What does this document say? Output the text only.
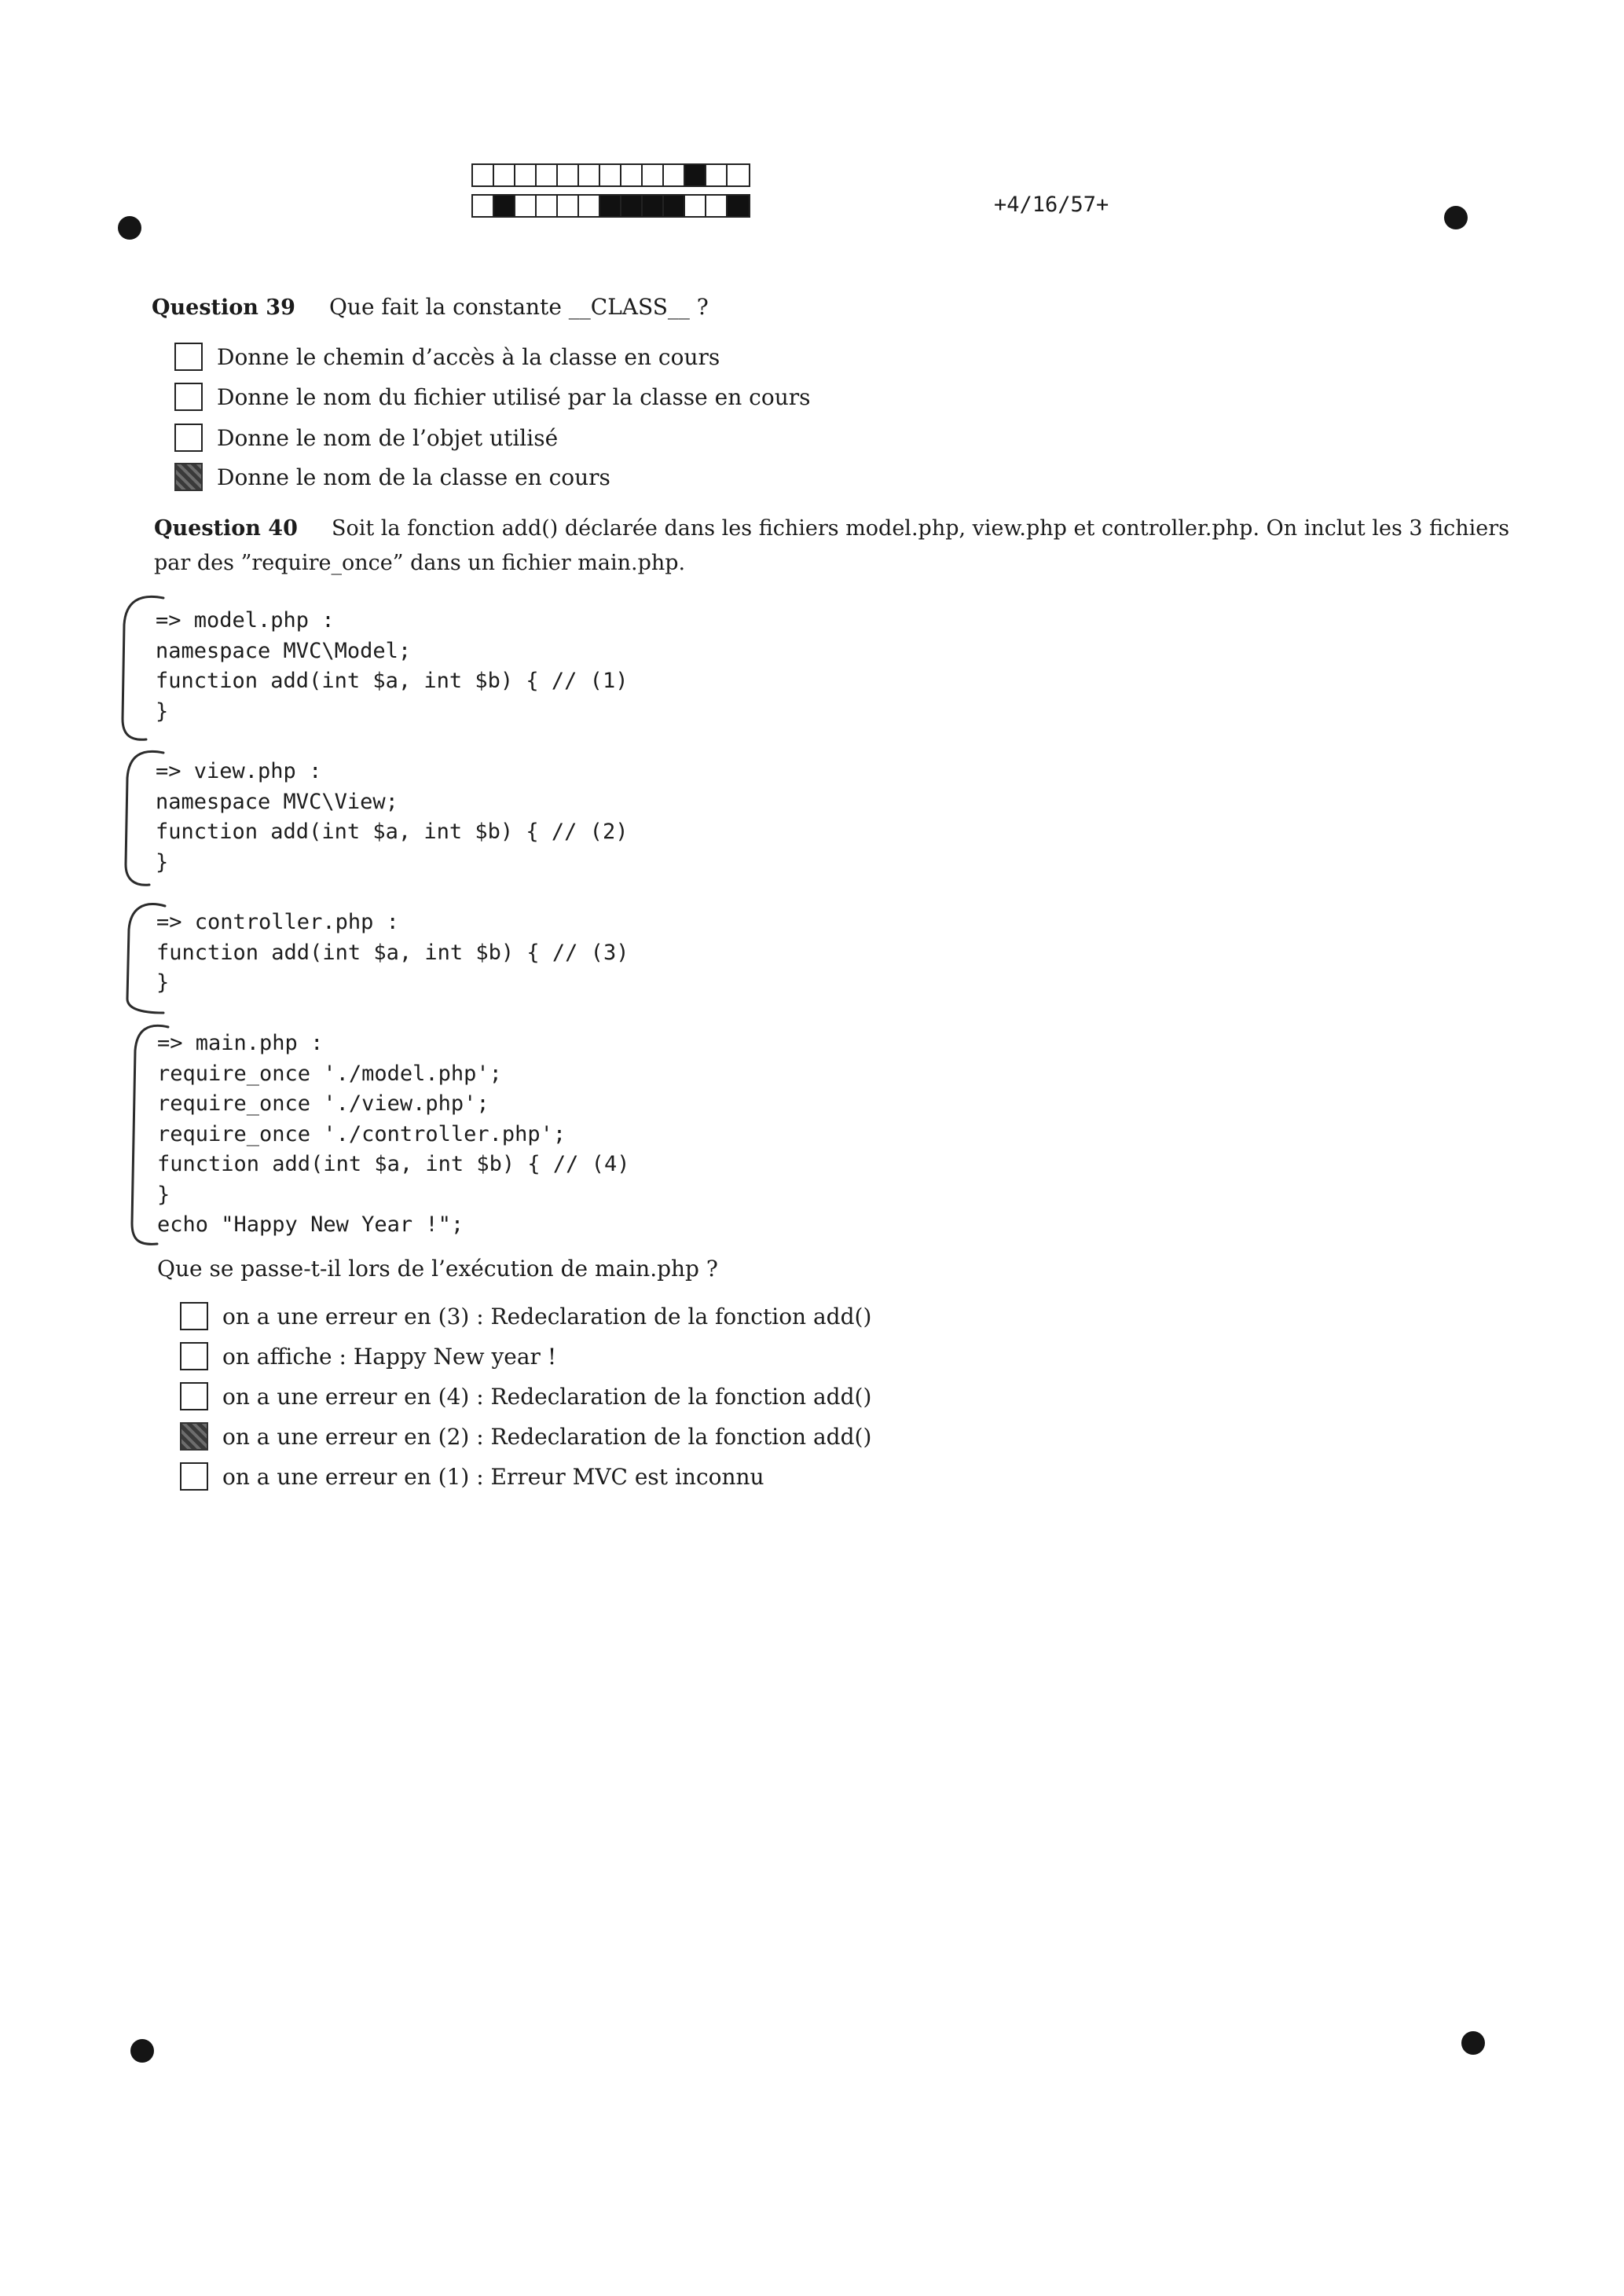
+4/16/57+
Question 39 Que fait la constante __CLASS__ ?
Donne le chemin d’accès à la classe en cours
Donne le nom du fichier utilisé par la classe en cours
Donne le nom de l’objet utilisé
Donne le nom de la classe en cours
Question 40 Soit la fonction add() déclarée dans les fichiers model.php, view.php et controller.php. On inclut les 3 fichiers
par des ”require_once” dans un fichier main.php.
=> model.php :
namespace MVC\Model;
function add(int $a, int $b) { // (1)
}
=> view.php :
namespace MVC\View;
function add(int $a, int $b) { // (2)
}
=> controller.php :
function add(int $a, int $b) { // (3)
}
=> main.php :
require_once './model.php';
require_once './view.php';
require_once './controller.php';
function add(int $a, int $b) { // (4)
}
echo "Happy New Year !";
Que se passe-t-il lors de l’exécution de main.php ?
on a une erreur en (3) : Redeclaration de la fonction add()
on affiche : Happy New year !
on a une erreur en (4) : Redeclaration de la fonction add()
on a une erreur en (2) : Redeclaration de la fonction add()
on a une erreur en (1) : Erreur MVC est inconnu
